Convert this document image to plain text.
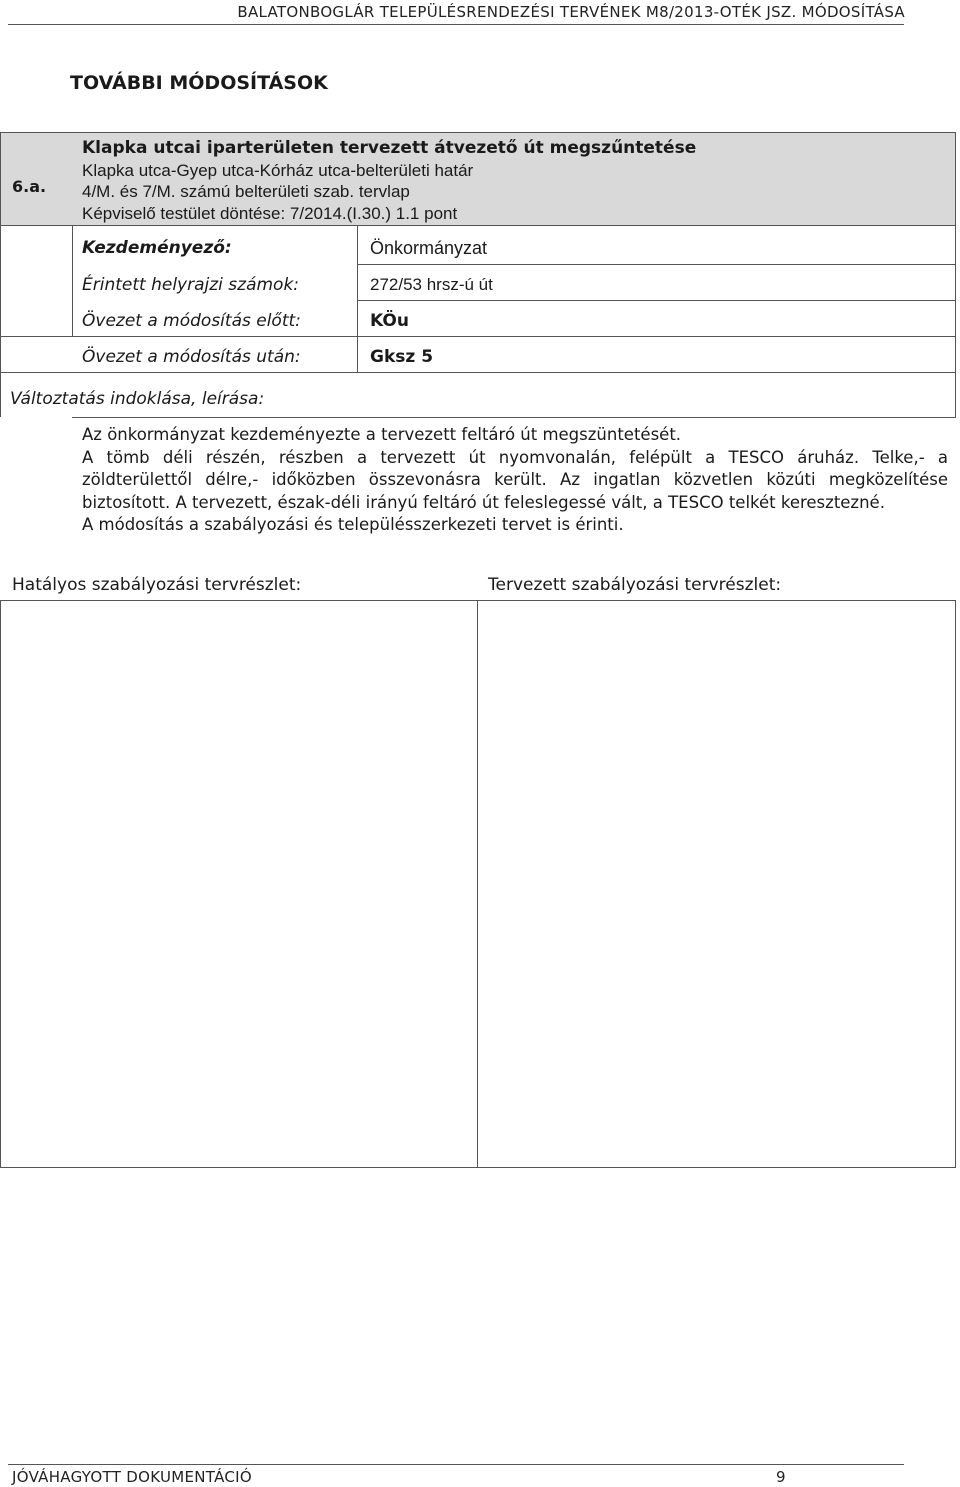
BALATONBOGLÁR TELEPÜLÉSRENDEZÉSI TERVÉNEK M8/2013-OTÉK JSZ. MÓDOSÍTÁSA
TOVÁBBI MÓDOSÍTÁSOK
6.a.
Klapka utcai iparterületen tervezett átvezető út megszűntetése
Klapka utca-Gyep utca-Kórház utca-belterületi határ
4/M. és 7/M. számú belterületi szab. tervlap
Képviselő testület döntése: 7/2014.(I.30.) 1.1 pont
Kezdeményező:	Önkormányzat
Érintett helyrajzi számok:	272/53 hrsz-ú út
Övezet a módosítás előtt:	KÖu
Övezet a módosítás után:	Gksz 5
Változtatás indoklása, leírása:

Az önkormányzat kezdeményezte a tervezett feltáró út megszüntetését.

A tömb déli részén, részben a tervezett út nyomvonalán, felépült a TESCO áruház. Telke,- a zöldterülettől délre,- időközben összevonásra került. Az ingatlan közvetlen közúti megközelítése biztosított. A tervezett, észak-déli irányú feltáró út feleslegessé vált, a TESCO telkét keresztezné.

A módosítás a szabályozási és településszerkezeti tervet is érinti.

Hatályos szabályozási tervrészlet:	Tervezett szabályozási tervrészlet:
JÓVÁHAGYOTT DOKUMENTÁCIÓ	9
